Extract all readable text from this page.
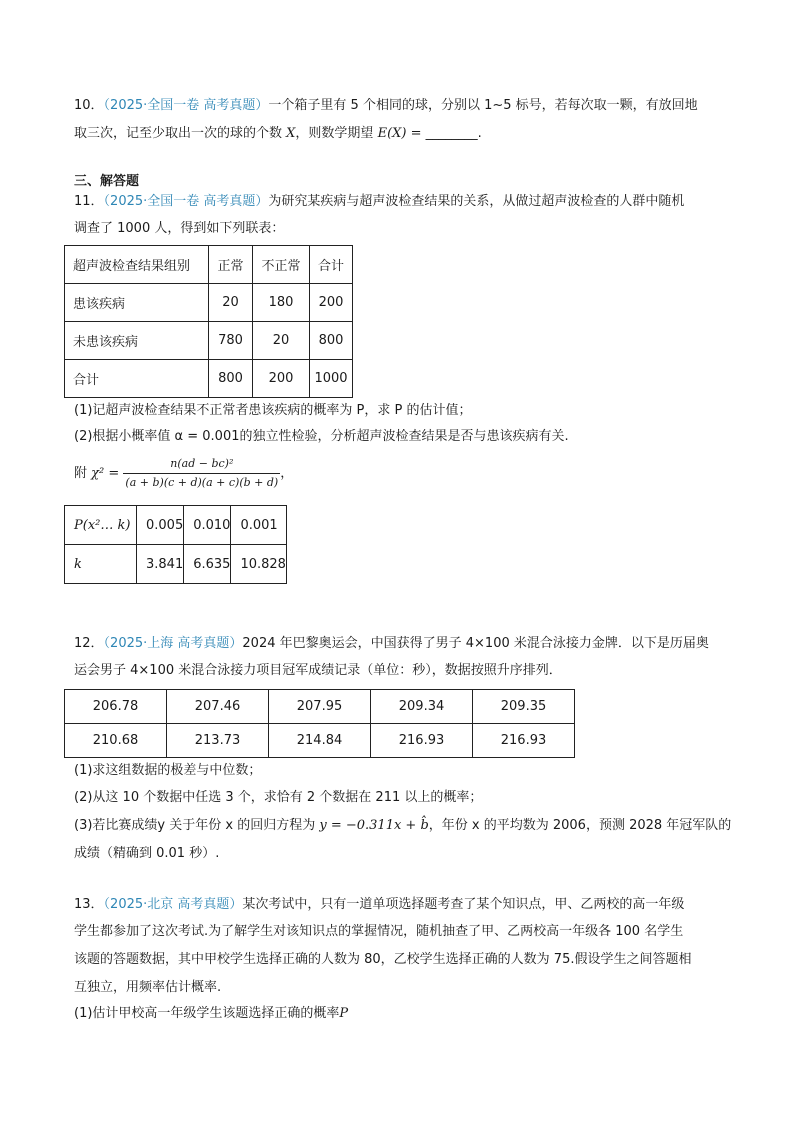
10．（2025·全国一卷 高考真题）一个箱子里有 5 个相同的球，分别以 1~5 标号，若每次取一颗，有放回地
取三次，记至少取出一次的球的个数 X，则数学期望 E(X) = ________.
三、解答题
11．（2025·全国一卷 高考真题）为研究某疾病与超声波检查结果的关系，从做过超声波检查的人群中随机
调查了 1000 人，得到如下列联表：
超声波检查结果组别	正常	不正常	合计
患该疾病	20	180	200
未患该疾病	780	20	800
合计	800	200	1000
(1)记超声波检查结果不正常者患该疾病的概率为 P，求 P 的估计值；
(2)根据小概率值 α = 0.001的独立性检验，分析超声波检查结果是否与患该疾病有关.
附 $\chi^2 = \frac{\text{n(ad − bc)²}}{(a + b)(c + d)(a + c)(b + d)}$ ，
P(x²… k)	0.005	0.010	0.001
k	3.841	6.635	10.828
12．（2025·上海 高考真题）2024 年巴黎奥运会，中国获得了男子 4×100 米混合泳接力金牌．以下是历届奥
运会男子 4×100 米混合泳接力项目冠军成绩记录（单位：秒），数据按照升序排列．
206.78	207.46	207.95	209.34	209.35
210.68	213.73	214.84	216.93	216.93
(1)求这组数据的极差与中位数；
(2)从这 10 个数据中任选 3 个，求恰有 2 个数据在 211 以上的概率；
(3)若比赛成绩y 关于年份 x 的回归方程为 y = −0.311x + b̂，年份 x 的平均数为 2006，预测 2028 年冠军队的
成绩（精确到 0.01 秒）.
13．（2025·北京 高考真题）某次考试中，只有一道单项选择题考查了某个知识点，甲、乙两校的高一年级
学生都参加了这次考试.为了解学生对该知识点的掌握情况，随机抽查了甲、乙两校高一年级各 100 名学生
该题的答题数据，其中甲校学生选择正确的人数为 80，乙校学生选择正确的人数为 75.假设学生之间答题相
互独立，用频率估计概率.
(1)估计甲校高一年级学生该题选择正确的概率P
